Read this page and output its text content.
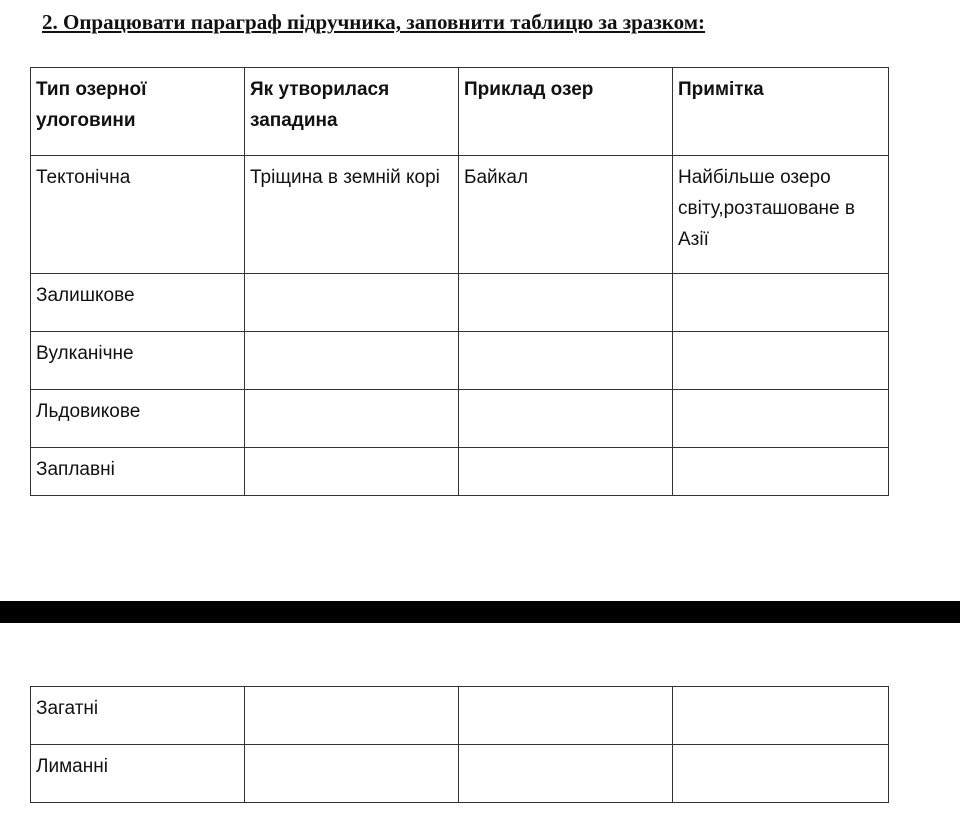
2. Опрацювати параграф підручника, заповнити таблицю за зразком:
Тип озерної улоговини	Як утворилася западина	Приклад озер	Примітка
Тектонічна	Тріщина в земній корі	Байкал	Найбільше озеро світу,розташоване в Азії
Залишкове			
Вулканічне			
Льдовикове			
Заплавні			
Загатні			
Лиманні			
